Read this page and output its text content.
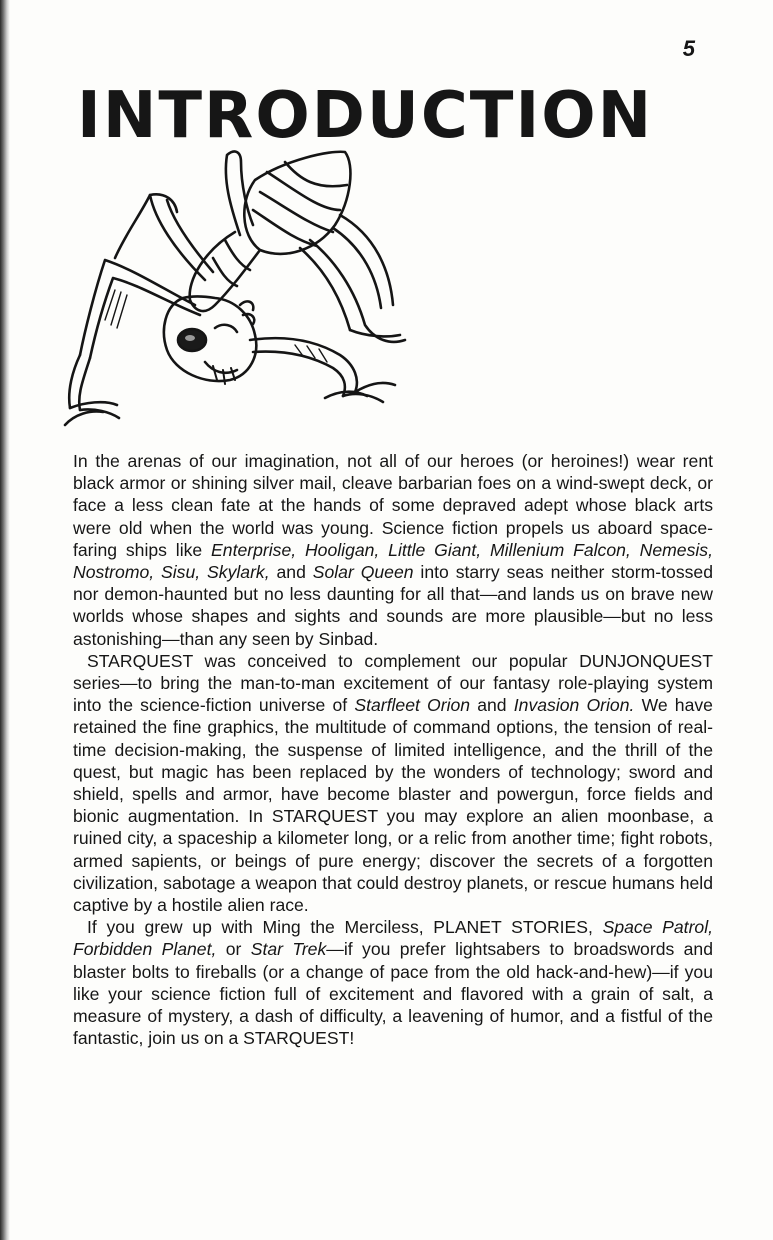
5
INTRODUCTION

In the arenas of our imagination, not all of our heroes (or heroines!) wear rent black armor or shining silver mail, cleave barbarian foes on a wind-swept deck, or face a less clean fate at the hands of some depraved adept whose black arts were old when the world was young. Science fiction propels us aboard space-faring ships like Enterprise, Hooligan, Little Giant, Millenium Falcon, Nemesis, Nostromo, Sisu, Skylark, and Solar Queen into starry seas neither storm-tossed nor demon-haunted but no less daunting for all that—and lands us on brave new worlds whose shapes and sights and sounds are more plausible—but no less astonishing—than any seen by Sinbad.

STARQUEST was conceived to complement our popular DUNJONQUEST series—to bring the man-to-man excitement of our fantasy role-playing system into the science-fiction universe of Starfleet Orion and Invasion Orion. We have retained the fine graphics, the multitude of command options, the tension of real-time decision-making, the suspense of limited intelligence, and the thrill of the quest, but magic has been replaced by the wonders of technology; sword and shield, spells and armor, have become blaster and powergun, force fields and bionic augmentation. In STARQUEST you may explore an alien moonbase, a ruined city, a spaceship a kilometer long, or a relic from another time; fight robots, armed sapients, or beings of pure energy; discover the secrets of a forgotten civilization, sabotage a weapon that could destroy planets, or rescue humans held captive by a hostile alien race.

If you grew up with Ming the Merciless, PLANET STORIES, Space Patrol, Forbidden Planet, or Star Trek—if you prefer lightsabers to broadswords and blaster bolts to fireballs (or a change of pace from the old hack-and-hew)—if you like your science fiction full of excitement and flavored with a grain of salt, a measure of mystery, a dash of difficulty, a leavening of humor, and a fistful of the fantastic, join us on a STARQUEST!
